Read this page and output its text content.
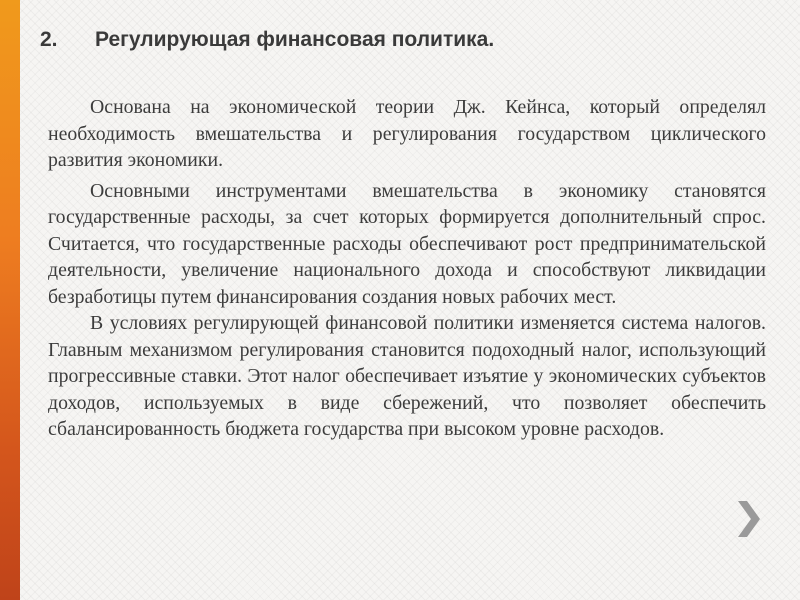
2. Регулирующая финансовая политика.

Основана на экономической теории Дж. Кейнса, который определял необходимость вмешательства и регулирования государством циклического развития экономики.

Основными инструментами вмешательства в экономику становятся государственные расходы, за счет которых формируется дополнительный спрос. Считается, что государственные расходы обеспечивают рост предпринимательской деятельности, увеличение национального дохода и способствуют ликвидации безработицы путем финансирования создания новых рабочих мест.

В условиях регулирующей финансовой политики изменяется система налогов. Главным механизмом регулирования становится подоходный налог, использующий прогрессивные ставки. Этот налог обеспечивает изъятие у экономических субъектов доходов, используемых в виде сбережений, что позволяет обеспечить сбалансированность бюджета государства при высоком уровне расходов.
